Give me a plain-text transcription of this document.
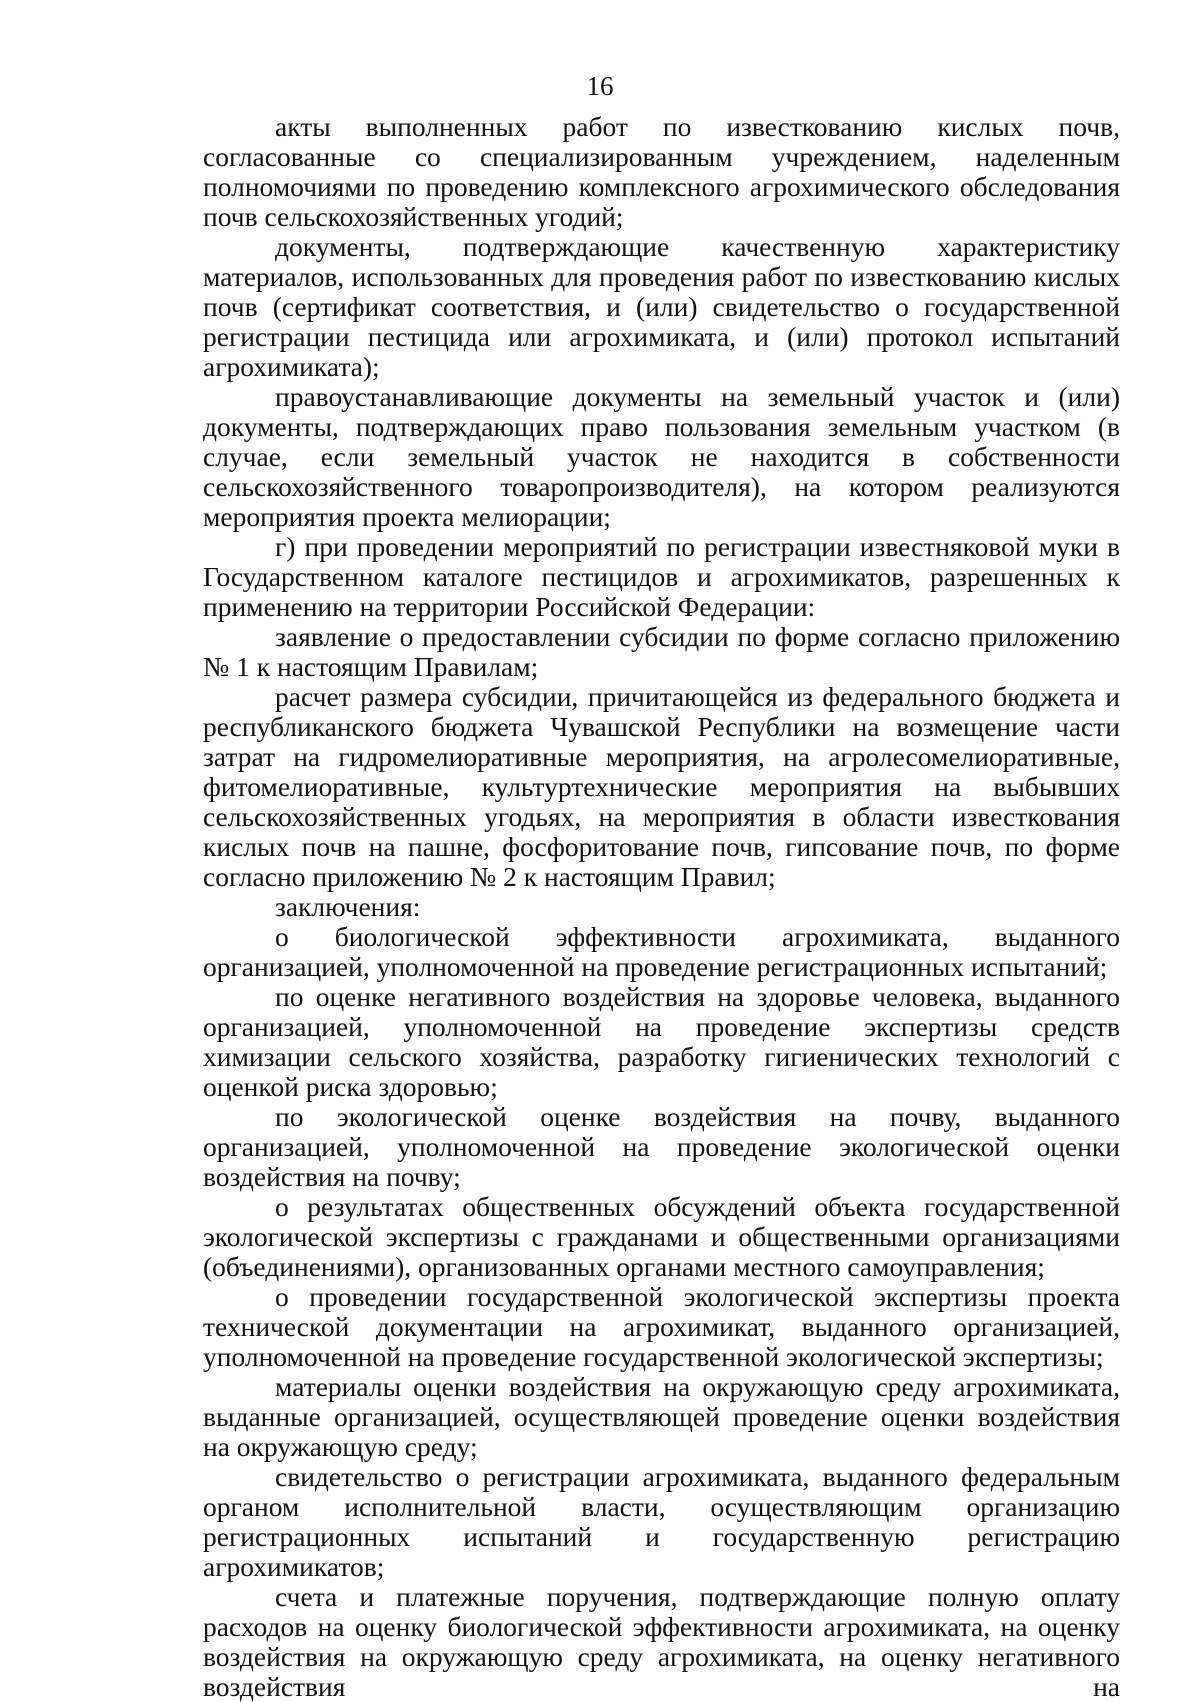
16

акты выполненных работ по известкованию кислых почв, согласованные со специализированным учреждением, наделенным полномочиями по проведению комплексного агрохимического обследования почв сельскохозяйственных угодий;

документы, подтверждающие качественную характеристику материалов, использованных для проведения работ по известкованию кислых почв (сертификат соответствия, и (или) свидетельство о государственной регистрации пестицида или агрохимиката, и (или) протокол испытаний агрохимиката);

правоустанавливающие документы на земельный участок и (или) документы, подтверждающих право пользования земельным участком (в случае, если земельный участок не находится в собственности сельскохозяйственного товаропроизводителя), на котором реализуются мероприятия проекта мелиорации;

г) при проведении мероприятий по регистрации известняковой муки в Государственном каталоге пестицидов и агрохимикатов, разрешенных к применению на территории Российской Федерации:

заявление о предоставлении субсидии по форме согласно приложению № 1 к настоящим Правилам;

расчет размера субсидии, причитающейся из федерального бюджета и республиканского бюджета Чувашской Республики на возмещение части затрат на гидромелиоративные мероприятия, на агролесомелиоративные, фитомелиоративные, культуртехнические мероприятия на выбывших сельскохозяйственных угодьях, на мероприятия в области известкования кислых почв на пашне, фосфоритование почв, гипсование почв, по форме согласно приложению № 2 к настоящим Правил;

заключения:

о биологической эффективности агрохимиката, выданного организацией, уполномоченной на проведение регистрационных испытаний;

по оценке негативного воздействия на здоровье человека, выданного организацией, уполномоченной на проведение экспертизы средств химизации сельского хозяйства, разработку гигиенических технологий с оценкой риска здоровью;

по экологической оценке воздействия на почву, выданного организацией, уполномоченной на проведение экологической оценки воздействия на почву;

о результатах общественных обсуждений объекта государственной экологической экспертизы с гражданами и общественными организациями (объединениями), организованных органами местного самоуправления;

о проведении государственной экологической экспертизы проекта технической документации на агрохимикат, выданного организацией, уполномоченной на проведение государственной экологической экспертизы;

материалы оценки воздействия на окружающую среду агрохимиката, выданные организацией, осуществляющей проведение оценки воздействия на окружающую среду;

свидетельство о регистрации агрохимиката, выданного федеральным органом исполнительной власти, осуществляющим организацию регистрационных испытаний и государственную регистрацию агрохимикатов;

счета и платежные поручения, подтверждающие полную оплату расходов на оценку биологической эффективности агрохимиката, на оценку воздействия на окружающую среду агрохимиката, на оценку негативного воздействия на
